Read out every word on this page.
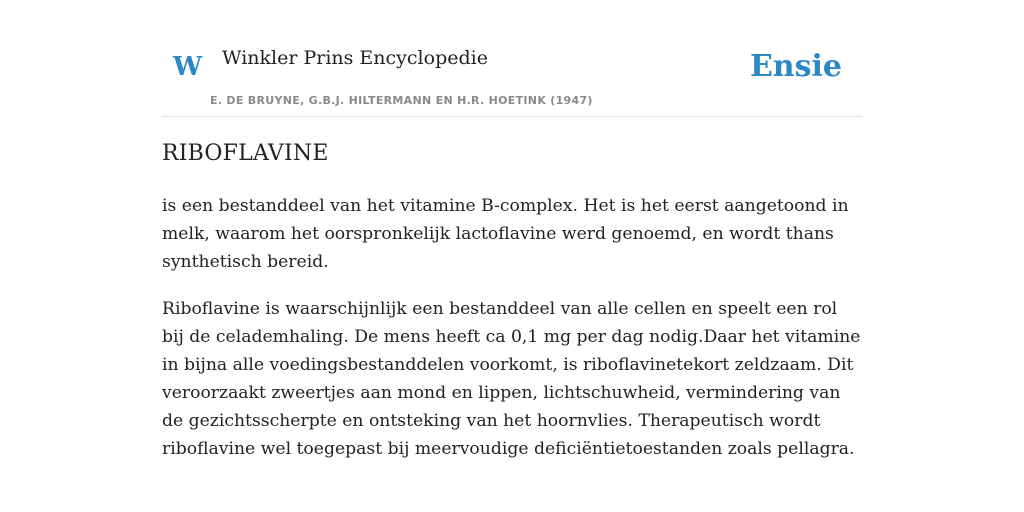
W Winkler Prins Encyclopedie
E. DE BRUYNE, G.B.J. HILTERMANN EN H.R. HOETINK (1947)
Ensie
RIBOFLAVINE

is een bestanddeel van het vitamine B-complex. Het is het eerst aangetoond in melk, waarom het oorspronkelijk lactoflavine werd genoemd, en wordt thans synthetisch bereid.

Riboflavine is waarschijnlijk een bestanddeel van alle cellen en speelt een rol bij de celademhaling. De mens heeft ca 0,1 mg per dag nodig.Daar het vitamine in bijna alle voedingsbestanddelen voorkomt, is riboflavinetekort zeldzaam. Dit veroorzaakt zweertjes aan mond en lippen, lichtschuwheid, vermindering van de gezichtsscherpte en ontsteking van het hoornvlies. Therapeutisch wordt riboflavine wel toegepast bij meervoudige deficiëntietoestanden zoals pellagra.
